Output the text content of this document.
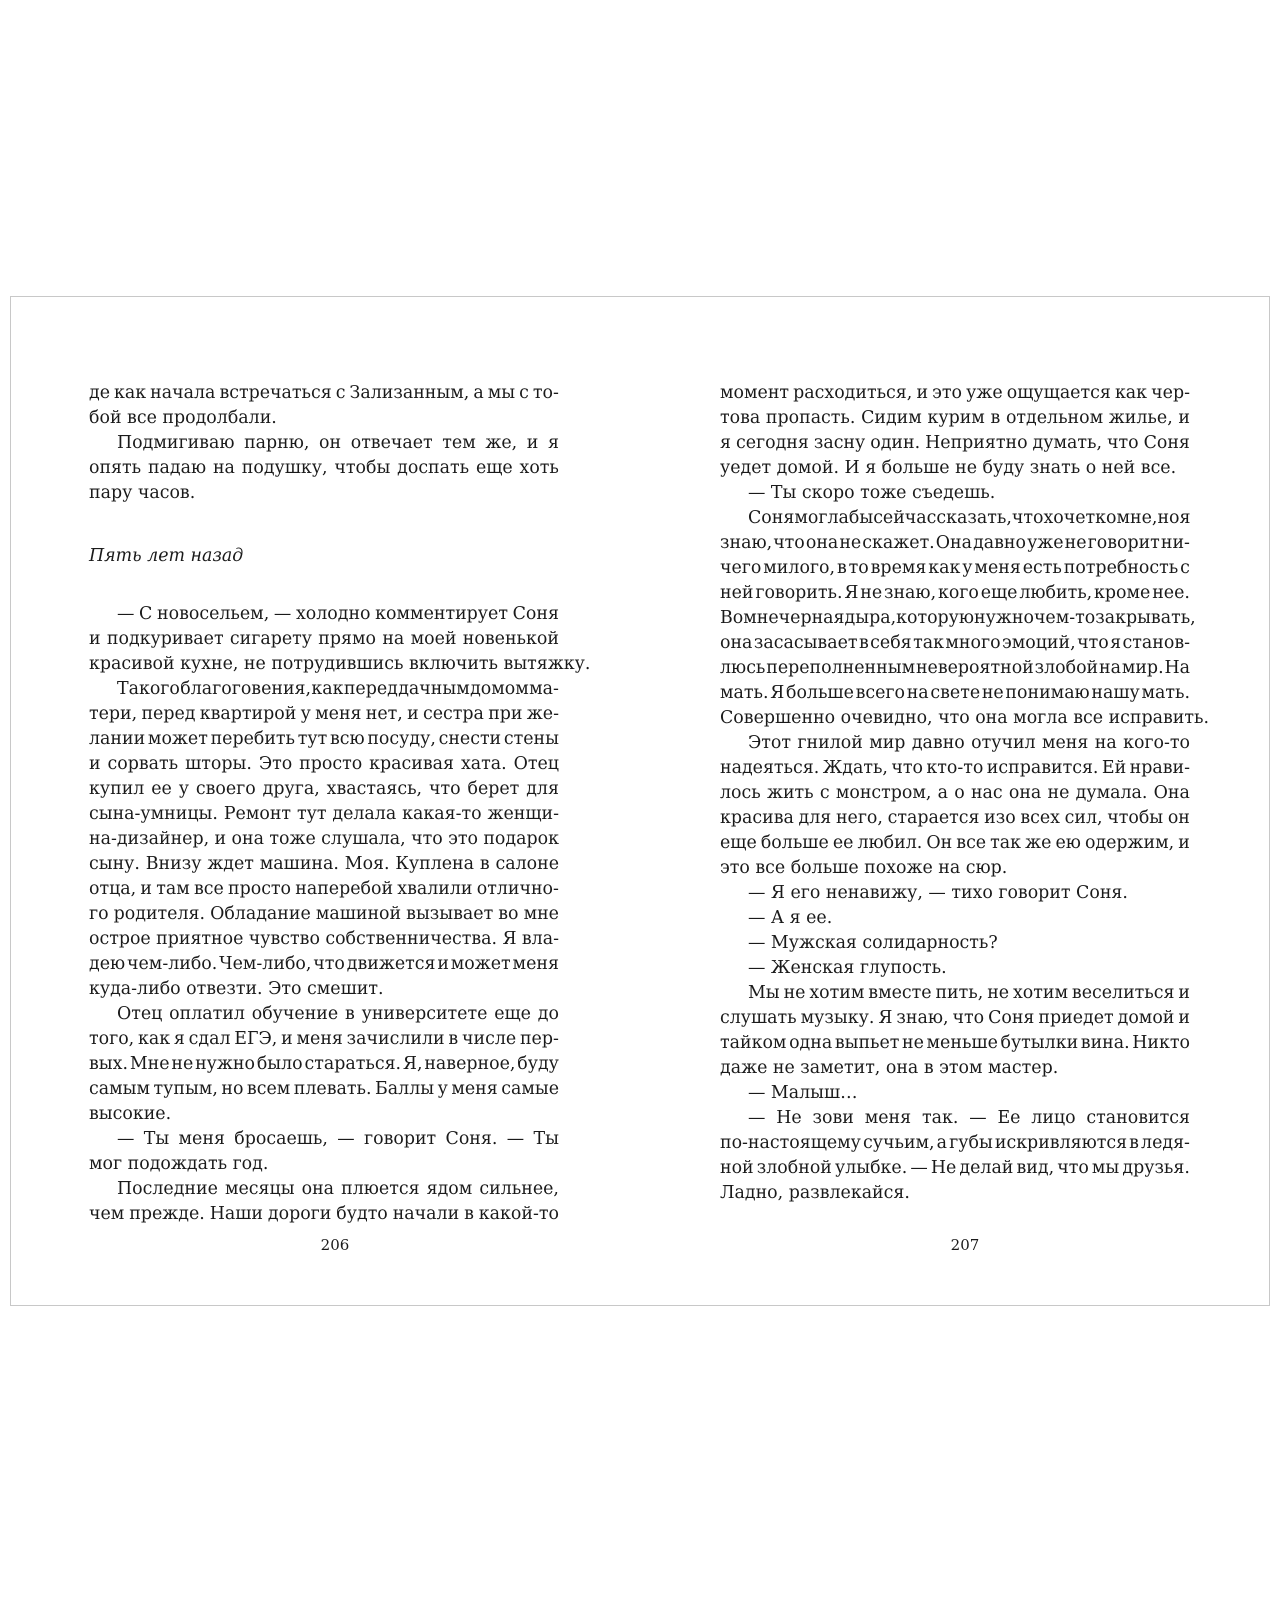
де как начала встречаться с Зализанным, а мы с то-
бой все продолбали.
Подмигиваю парню, он отвечает тем же, и я
опять падаю на подушку, чтобы доспать еще хоть
пару часов.
Пять лет назад
— С новосельем, — холодно комментирует Соня
и подкуривает сигарету прямо на моей новенькой
красивой кухне, не потрудившись включить вытяжку.
Такого благоговения, как перед дачным домом ма-
тери, перед квартирой у меня нет, и сестра при же-
лании может перебить тут всю посуду, снести стены
и сорвать шторы. Это просто красивая хата. Отец
купил ее у своего друга, хвастаясь, что берет для
сына-умницы. Ремонт тут делала какая-то женщи-
на-дизайнер, и она тоже слушала, что это подарок
сыну. Внизу ждет машина. Моя. Куплена в салоне
отца, и там все просто наперебой хвалили отлично-
го родителя. Обладание машиной вызывает во мне
острое приятное чувство собственничества. Я вла-
дею чем-либо. Чем-либо, что движется и может меня
куда-либо отвезти. Это смешит.
Отец оплатил обучение в университете еще до
того, как я сдал ЕГЭ, и меня зачислили в числе пер-
вых. Мне не нужно было стараться. Я, наверное, буду
самым тупым, но всем плевать. Баллы у меня самые
высокие.
— Ты меня бросаешь, — говорит Соня. — Ты
мог подождать год.
Последние месяцы она плюется ядом сильнее,
чем прежде. Наши дороги будто начали в какой-то
206
момент расходиться, и это уже ощущается как чер-
това пропасть. Сидим курим в отдельном жилье, и
я сегодня засну один. Неприятно думать, что Соня
уедет домой. И я больше не буду знать о ней все.
— Ты скоро тоже съедешь.
Соня могла бы сейчас сказать, что хочет ко мне, но я
знаю, что она не скажет. Она давно уже не говорит ни-
чего милого, в то время как у меня есть потребность с
ней говорить. Я не знаю, кого еще любить, кроме нее.
Во мне черная дыра, которую нужно чем-то закрывать,
она засасывает в себя так много эмоций, что я станов-
люсь переполненным невероятной злобой на мир. На
мать. Я больше всего на свете не понимаю нашу мать.
Совершенно очевидно, что она могла все исправить.
Этот гнилой мир давно отучил меня на кого-то
надеяться. Ждать, что кто-то исправится. Ей нрави-
лось жить с монстром, а о нас она не думала. Она
красива для него, старается изо всех сил, чтобы он
еще больше ее любил. Он все так же ею одержим, и
это все больше похоже на сюр.
— Я его ненавижу, — тихо говорит Соня.
— А я ее.
— Мужская солидарность?
— Женская глупость.
Мы не хотим вместе пить, не хотим веселиться и
слушать музыку. Я знаю, что Соня приедет домой и
тайком одна выпьет не меньше бутылки вина. Никто
даже не заметит, она в этом мастер.
— Малыш…
— Не зови меня так. — Ее лицо становится
по-настоящему сучьим, а губы искривляются в ледя-
ной злобной улыбке. — Не делай вид, что мы друзья.
Ладно, развлекайся.
207
